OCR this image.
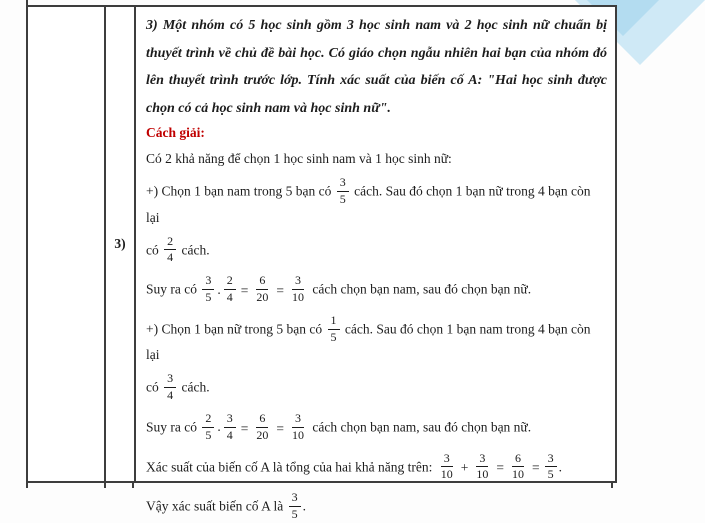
3)

3) Một nhóm có 5 học sinh gồm 3 học sinh nam và 2 học sinh nữ chuẩn bị thuyết trình về chủ đề bài học. Có giáo chọn ngẫu nhiên hai bạn của nhóm đó lên thuyết trình trước lớp. Tính xác suất của biến cố A: "Hai học sinh được chọn có cả học sinh nam và học sinh nữ".

Cách giải:

Có 2 khả năng để chọn 1 học sinh nam và 1 học sinh nữ:
+) Chọn 1 bạn nam trong 5 bạn có $\frac{3}{5}$ cách. Sau đó chọn 1 bạn nữ trong 4 bạn còn lại
có $\frac{2}{4}$ cách.
Suy ra có $\frac{3}{5}$ . $\frac{2}{4} = \frac{6}{20} = \frac{3}{10}$ cách chọn bạn nam, sau đó chọn bạn nữ.
+) Chọn 1 bạn nữ trong 5 bạn có $\frac{1}{5}$ cách. Sau đó chọn 1 bạn nam trong 4 bạn còn lại
có $\frac{3}{4}$ cách.
Suy ra có $\frac{2}{5}$ . $\frac{3}{4} = \frac{6}{20} = \frac{3}{10}$ cách chọn bạn nam, sau đó chọn bạn nữ.
Xác suất của biến cố A là tổng của hai khả năng trên: $\frac{3}{10} + \frac{3}{10} = \frac{6}{10} = \frac{3}{5}$ .
Vậy xác suất biến cố A là $\frac{3}{5}$ .
